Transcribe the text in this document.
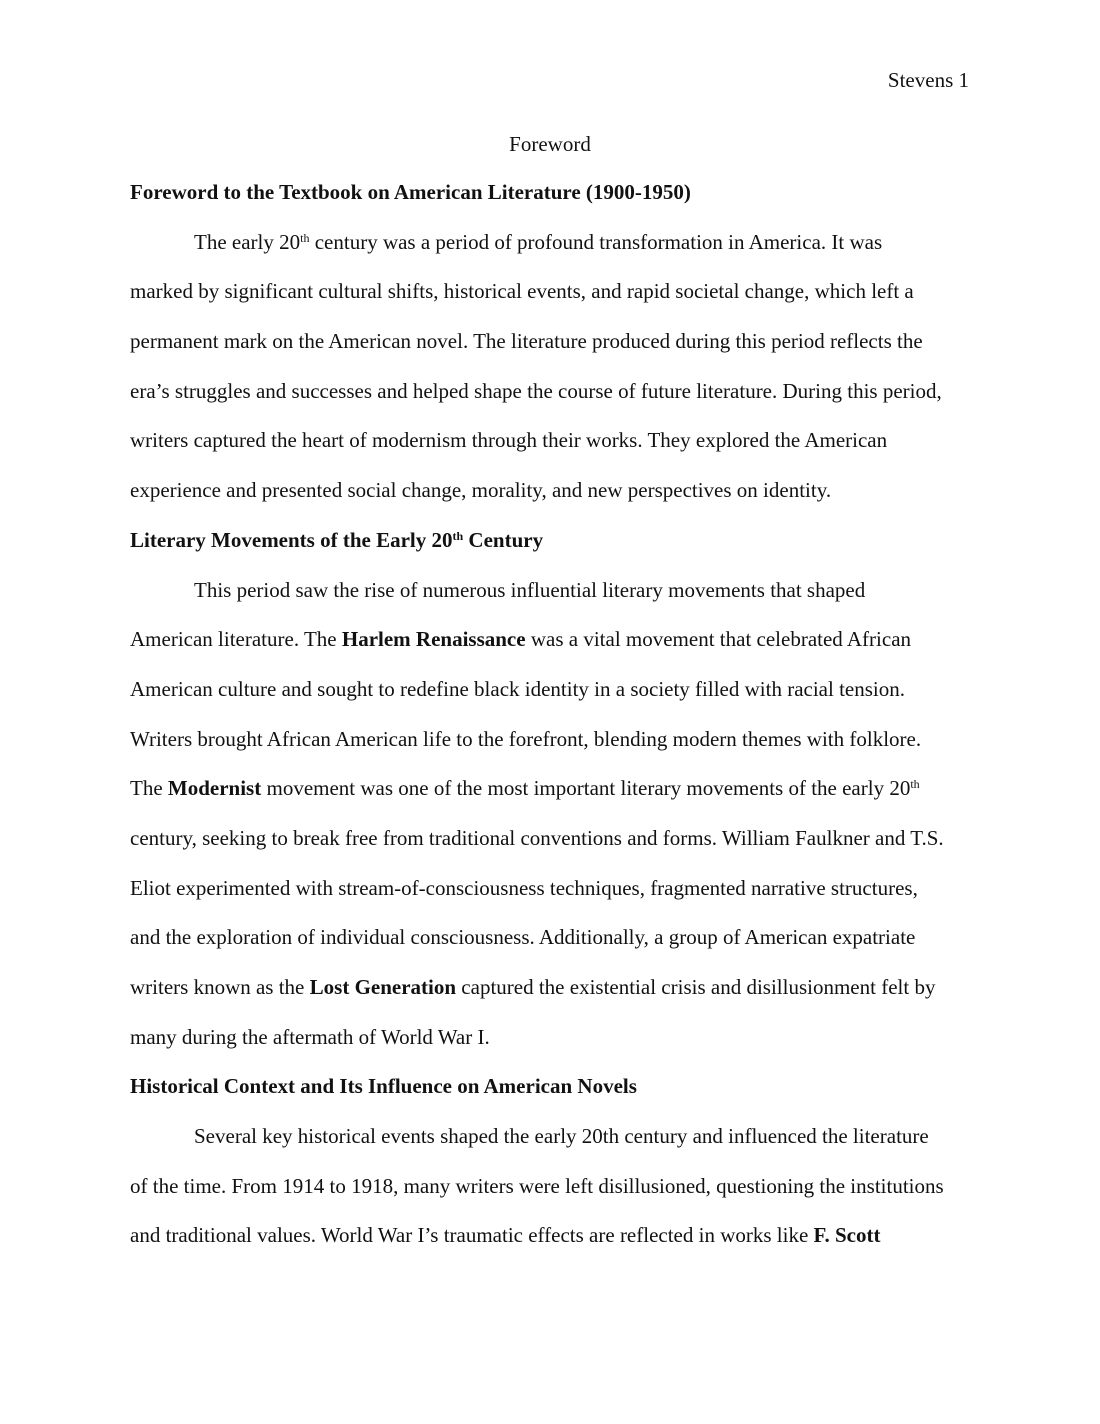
Stevens 1
Foreword
Foreword to the Textbook on American Literature (1900-1950)
The early 20th century was a period of profound transformation in America. It was
marked by significant cultural shifts, historical events, and rapid societal change, which left a
permanent mark on the American novel. The literature produced during this period reflects the
era’s struggles and successes and helped shape the course of future literature. During this period,
writers captured the heart of modernism through their works. They explored the American
experience and presented social change, morality, and new perspectives on identity.
Literary Movements of the Early 20th Century
This period saw the rise of numerous influential literary movements that shaped
American literature. The Harlem Renaissance was a vital movement that celebrated African
American culture and sought to redefine black identity in a society filled with racial tension.
Writers brought African American life to the forefront, blending modern themes with folklore.
The Modernist movement was one of the most important literary movements of the early 20th
century, seeking to break free from traditional conventions and forms. William Faulkner and T.S.
Eliot experimented with stream-of-consciousness techniques, fragmented narrative structures,
and the exploration of individual consciousness. Additionally, a group of American expatriate
writers known as the Lost Generation captured the existential crisis and disillusionment felt by
many during the aftermath of World War I.
Historical Context and Its Influence on American Novels
Several key historical events shaped the early 20th century and influenced the literature
of the time. From 1914 to 1918, many writers were left disillusioned, questioning the institutions
and traditional values. World War I’s traumatic effects are reflected in works like F. Scott
